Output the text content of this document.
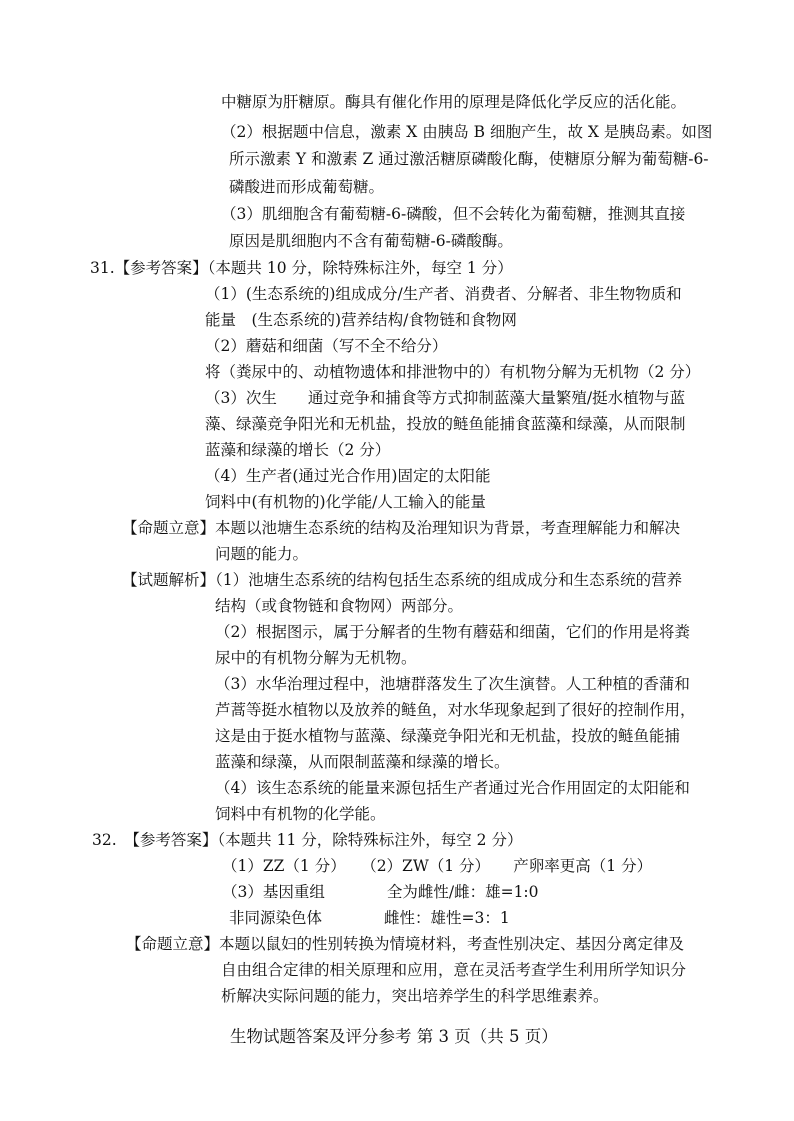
中糖原为肝糖原。酶具有催化作用的原理是降低化学反应的活化能。
（2）根据题中信息，激素 X 由胰岛 B 细胞产生，故 X 是胰岛素。如图
所示激素 Y 和激素 Z 通过激活糖原磷酸化酶，使糖原分解为葡萄糖-6-
磷酸进而形成葡萄糖。
（3）肌细胞含有葡萄糖-6-磷酸，但不会转化为葡萄糖，推测其直接
原因是肌细胞内不含有葡萄糖-6-磷酸酶。
31.【参考答案】（本题共 10 分，除特殊标注外，每空 1 分）
（1）(生态系统的)组成成分/生产者、消费者、分解者、非生物物质和
能量　(生态系统的)营养结构/食物链和食物网
（2）蘑菇和细菌（写不全不给分）
将（粪尿中的、动植物遗体和排泄物中的）有机物分解为无机物（2 分）
（3）次生　　通过竞争和捕食等方式抑制蓝藻大量繁殖/挺水植物与蓝
藻、绿藻竞争阳光和无机盐，投放的鲢鱼能捕食蓝藻和绿藻，从而限制
蓝藻和绿藻的增长（2 分）
（4）生产者(通过光合作用)固定的太阳能
饲料中(有机物的)化学能/人工输入的能量
【命题立意】本题以池塘生态系统的结构及治理知识为背景，考查理解能力和解决
问题的能力。
【试题解析】（1）池塘生态系统的结构包括生态系统的组成成分和生态系统的营养
结构（或食物链和食物网）两部分。
（2）根据图示，属于分解者的生物有蘑菇和细菌，它们的作用是将粪
尿中的有机物分解为无机物。
（3）水华治理过程中，池塘群落发生了次生演替。人工种植的香蒲和
芦蒿等挺水植物以及放养的鲢鱼，对水华现象起到了很好的控制作用，
这是由于挺水植物与蓝藻、绿藻竞争阳光和无机盐，投放的鲢鱼能捕
蓝藻和绿藻，从而限制蓝藻和绿藻的增长。
（4）该生态系统的能量来源包括生产者通过光合作用固定的太阳能和
饲料中有机物的化学能。
32.　【参考答案】（本题共 11 分，除特殊标注外，每空 2 分）
（1）ZZ（1 分）　　（2）ZW（1 分）　　产卵率更高（1 分）
（3）基因重组　　　　全为雌性/雌：雄=1:0
非同源染色体　　　　雌性：雄性=3：1
【命题立意】本题以鼠妇的性别转换为情境材料，考查性别决定、基因分离定律及
自由组合定律的相关原理和应用，意在灵活考查学生利用所学知识分
析解决实际问题的能力，突出培养学生的科学思维素养。
生物试题答案及评分参考 第 3 页（共 5 页）
